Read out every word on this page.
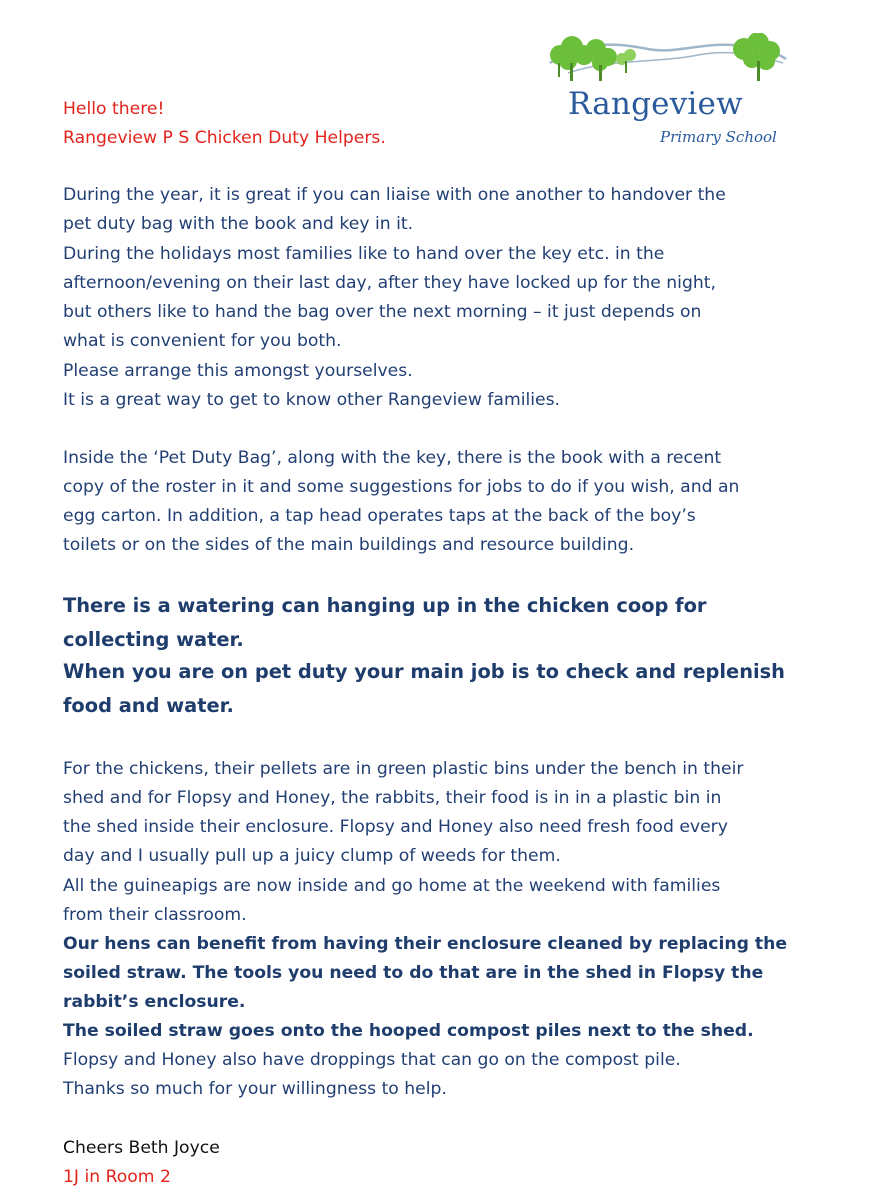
Rangeview
Primary School
Hello there!
Rangeview P S Chicken Duty Helpers.
During the year, it is great if you can liaise with one another to handover the
pet duty bag with the book and key in it.
During the holidays most families like to hand over the key etc. in the
afternoon/evening on their last day, after they have locked up for the night,
but others like to hand the bag over the next morning – it just depends on
what is convenient for you both.
Please arrange this amongst yourselves.
It is a great way to get to know other Rangeview families.
Inside the ‘Pet Duty Bag’, along with the key, there is the book with a recent
copy of the roster in it and some suggestions for jobs to do if you wish, and an
egg carton. In addition, a tap head operates taps at the back of the boy’s
toilets or on the sides of the main buildings and resource building.
There is a watering can hanging up in the chicken coop for
collecting water.
When you are on pet duty your main job is to check and replenish
food and water.
For the chickens, their pellets are in green plastic bins under the bench in their
shed and for Flopsy and Honey, the rabbits, their food is in in a plastic bin in
the shed inside their enclosure. Flopsy and Honey also need fresh food every
day and I usually pull up a juicy clump of weeds for them.
All the guineapigs are now inside and go home at the weekend with families
from their classroom.
Our hens can benefit from having their enclosure cleaned by replacing the
soiled straw. The tools you need to do that are in the shed in Flopsy the
rabbit’s enclosure.
The soiled straw goes onto the hooped compost piles next to the shed.
Flopsy and Honey also have droppings that can go on the compost pile.
Thanks so much for your willingness to help.
Cheers Beth Joyce
1J in Room 2
